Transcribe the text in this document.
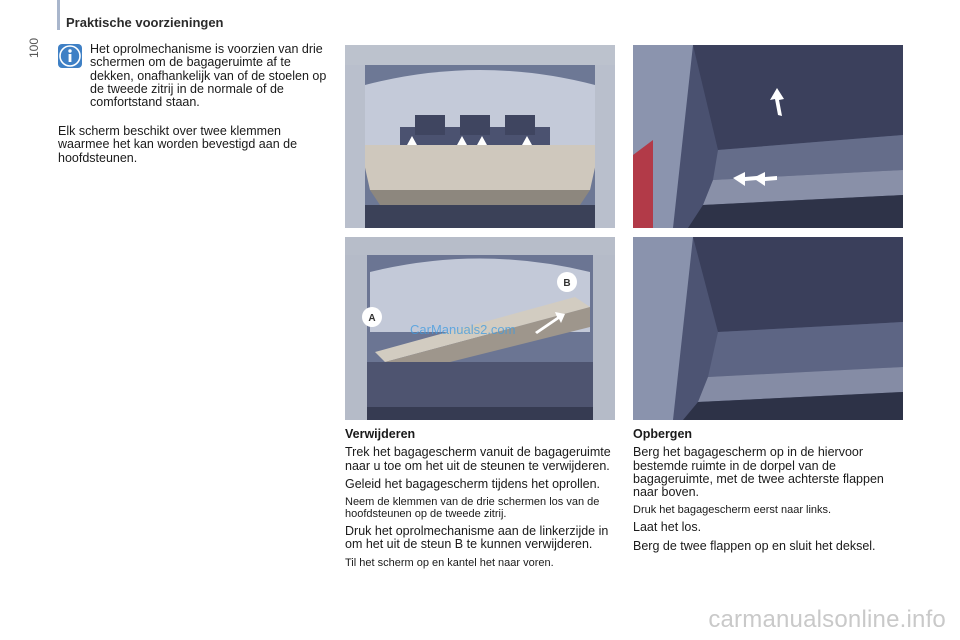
Praktische voorzieningen
100	Het oprolmechanisme is voorzien van drie schermen om de bagageruimte af te dekken, onafhankelijk van of de stoelen op de tweede zitrij in de normale of de comfortstand staan.

Elk scherm beschikt over twee klemmen waarmee het kan worden bevestigd aan de hoofdsteunen.

A
B
CarManuals2.com

Verwijderen

Trek het bagagescherm vanuit de bagageruimte naar u toe om het uit de steunen te verwijderen.

Geleid het bagagescherm tijdens het oprollen.

Neem de klemmen van de drie schermen los van de hoofdsteunen op de tweede zitrij.

Druk het oprolmechanisme aan de linkerzijde in om het uit de steun B te kunnen verwijderen.

Til het scherm op en kantel het naar voren.

Opbergen

Berg het bagagescherm op in de hiervoor bestemde ruimte in de dorpel van de bagageruimte, met de twee achterste flappen naar boven.

Druk het bagagescherm eerst naar links.

Laat het los.

Berg de twee flappen op en sluit het deksel.

carmanualsonline.info
